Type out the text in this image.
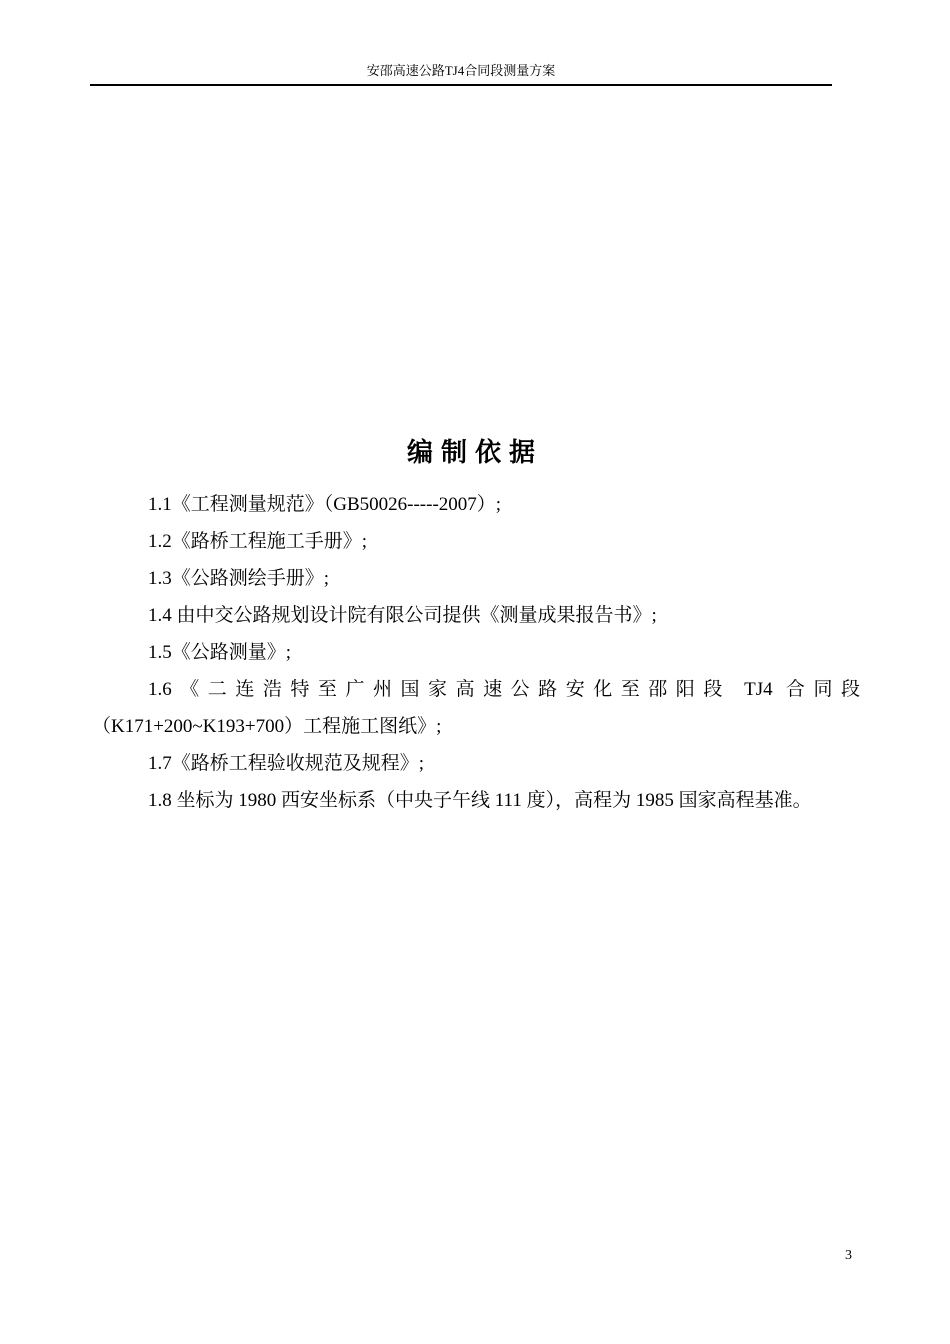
安邵高速公路TJ4合同段测量方案
编制依据

1.1《工程测量规范》（GB50026-----2007）;

1.2《路桥工程施工手册》;

1.3《公路测绘手册》;

1.4 由中交公路规划设计院有限公司提供《测量成果报告书》;

1.5《公路测量》;

1.6《二连浩特至广州国家高速公路安化至邵阳段 TJ4 合同段

（K171+200~K193+700）工程施工图纸》;

1.7《路桥工程验收规范及规程》;

1.8 坐标为 1980 西安坐标系（中央子午线 111 度），高程为 1985 国家高程基准。

3
